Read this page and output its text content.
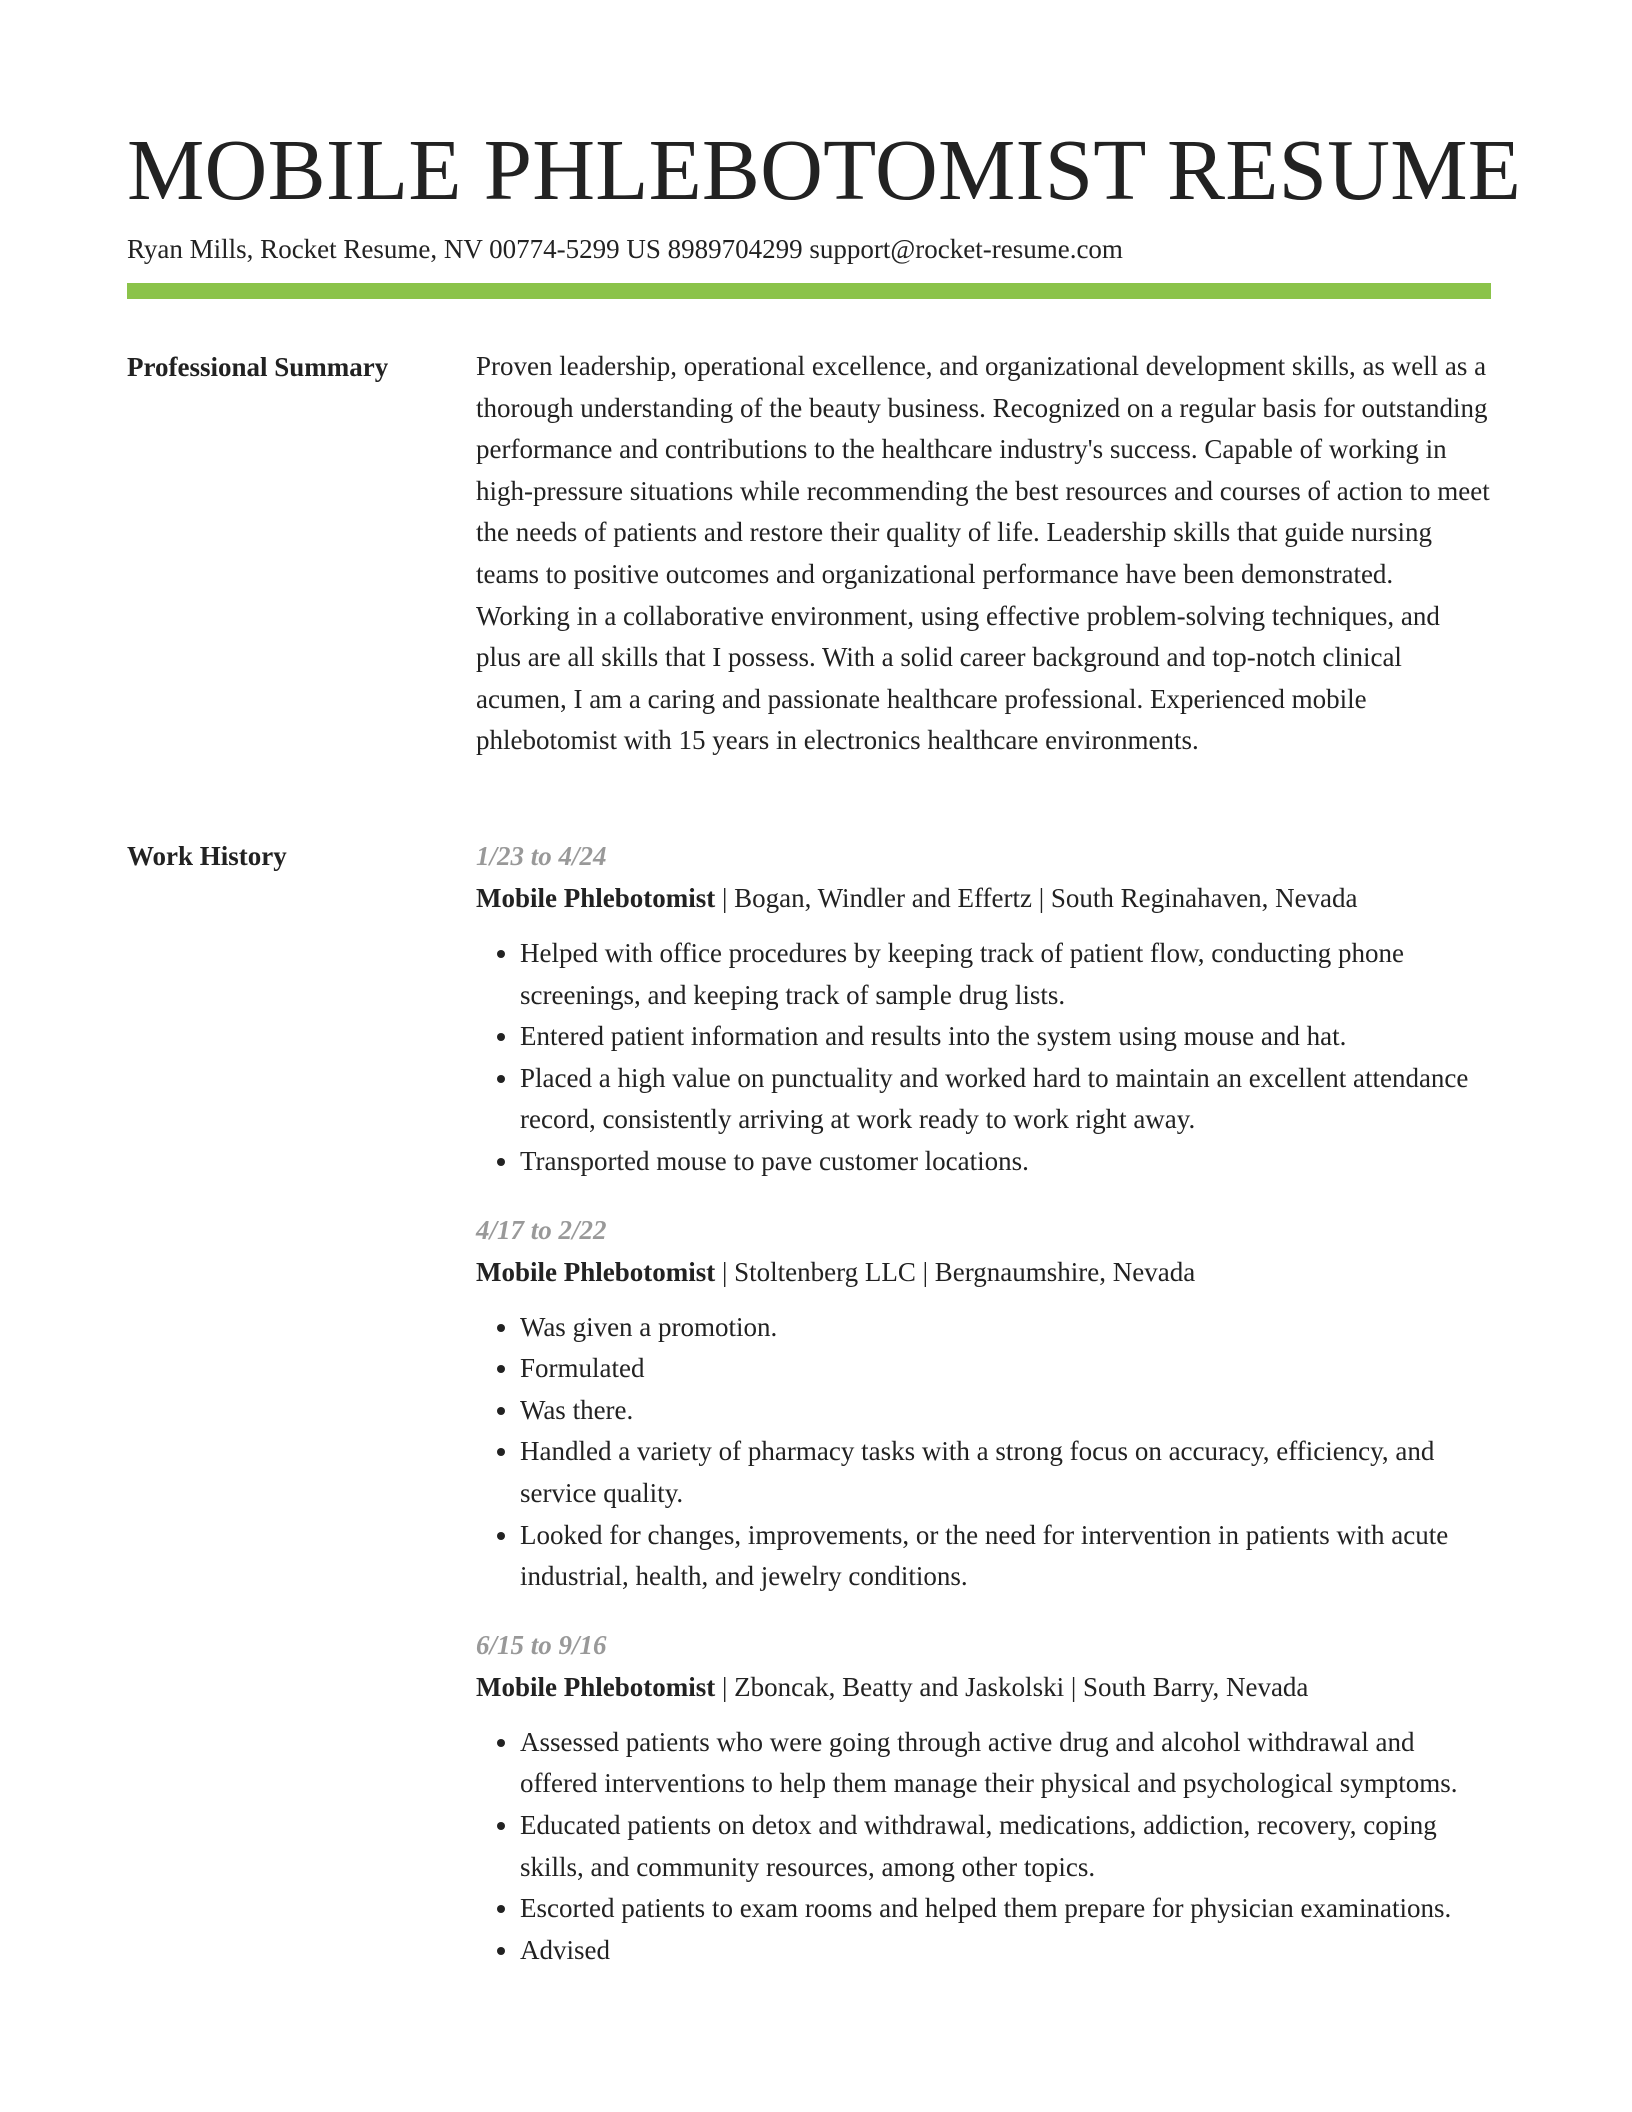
MOBILE PHLEBOTOMIST RESUME
Ryan Mills, Rocket Resume, NV 00774-5299 US 8989704299 support@rocket-resume.com
Professional Summary	Proven leadership, operational excellence, and organizational development skills, as well as a thorough understanding of the beauty business. Recognized on a regular basis for outstanding performance and contributions to the healthcare industry's success. Capable of working in high-pressure situations while recommending the best resources and courses of action to meet the needs of patients and restore their quality of life. Leadership skills that guide nursing teams to positive outcomes and organizational performance have been demonstrated. Working in a collaborative environment, using effective problem-solving techniques, and plus are all skills that I possess. With a solid career background and top-notch clinical acumen, I am a caring and passionate healthcare professional. Experienced mobile phlebotomist with 15 years in electronics healthcare environments.

Work History	1/23 to 4/24

Mobile Phlebotomist | Bogan, Windler and Effertz | South Reginahaven, Nevada

• Helped with office procedures by keeping track of patient flow, conducting phone screenings, and keeping track of sample drug lists.
• Entered patient information and results into the system using mouse and hat.
• Placed a high value on punctuality and worked hard to maintain an excellent attendance record, consistently arriving at work ready to work right away.
• Transported mouse to pave customer locations.

4/17 to 2/22

Mobile Phlebotomist | Stoltenberg LLC | Bergnaumshire, Nevada

• Was given a promotion.
• Formulated
• Was there.
• Handled a variety of pharmacy tasks with a strong focus on accuracy, efficiency, and service quality.
• Looked for changes, improvements, or the need for intervention in patients with acute industrial, health, and jewelry conditions.

6/15 to 9/16

Mobile Phlebotomist | Zboncak, Beatty and Jaskolski | South Barry, Nevada

• Assessed patients who were going through active drug and alcohol withdrawal and offered interventions to help them manage their physical and psychological symptoms.
• Educated patients on detox and withdrawal, medications, addiction, recovery, coping skills, and community resources, among other topics.
• Escorted patients to exam rooms and helped them prepare for physician examinations.
• Advised
